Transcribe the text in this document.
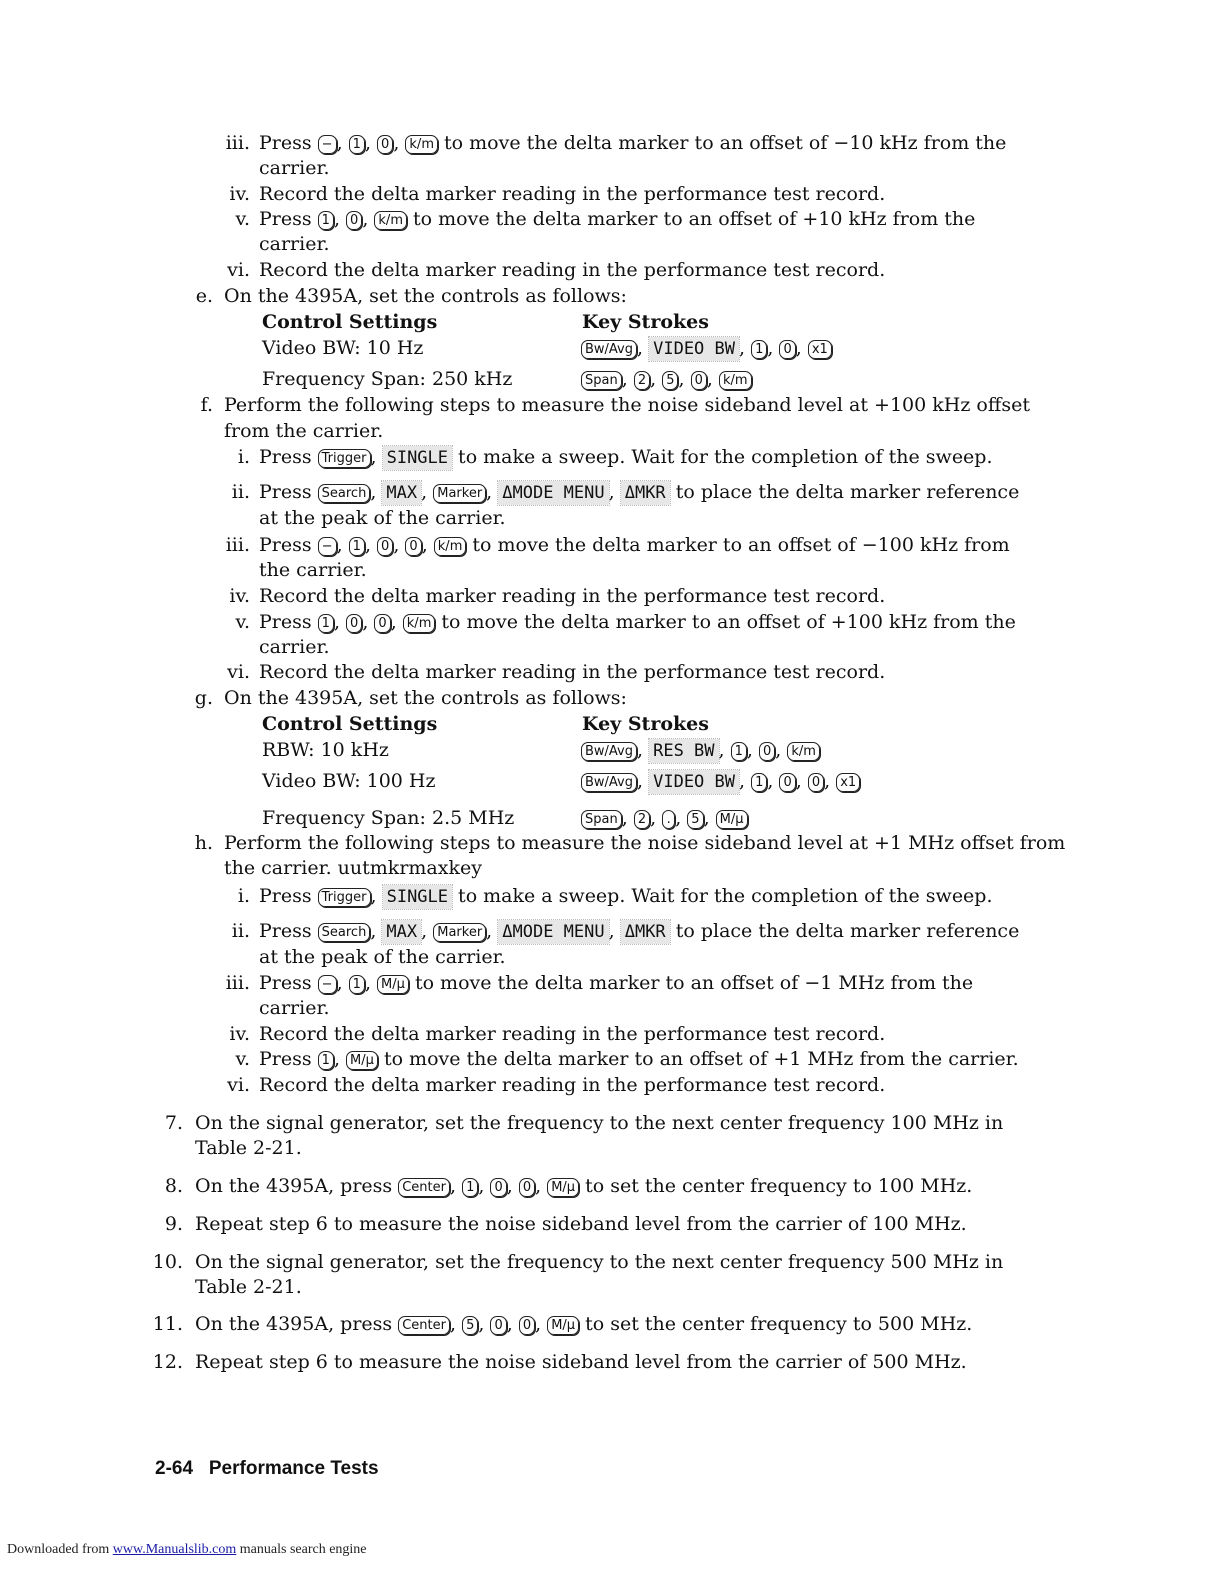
iii. Press − , 1 , 0 , k/m to move the delta marker to an offset of −10 kHz from the
carrier.
iv. Record the delta marker reading in the performance test record.
v. Press 1 , 0 , k/m to move the delta marker to an offset of +10 kHz from the
carrier.
vi. Record the delta marker reading in the performance test record.
e. On the 4395A, set the controls as follows:
Control Settings	Key Strokes
Video BW: 10 Hz	Bw/Avg , VIDEO BW , 1 , 0 , x1
Frequency Span: 250 kHz	Span , 2 , 5 , 0 , k/m
f. Perform the following steps to measure the noise sideband level at +100 kHz offset
from the carrier.
i. Press Trigger , SINGLE to make a sweep. Wait for the completion of the sweep.
ii. Press Search , MAX , Marker , ΔMODE MENU , ΔMKR to place the delta marker reference
at the peak of the carrier.
iii. Press − , 1 , 0 , 0 , k/m to move the delta marker to an offset of −100 kHz from
the carrier.
iv. Record the delta marker reading in the performance test record.
v. Press 1 , 0 , 0 , k/m to move the delta marker to an offset of +100 kHz from the
carrier.
vi. Record the delta marker reading in the performance test record.
g. On the 4395A, set the controls as follows:
Control Settings	Key Strokes
RBW: 10 kHz	Bw/Avg , RES BW , 1 , 0 , k/m
Video BW: 100 Hz	Bw/Avg , VIDEO BW , 1 , 0 , 0 , x1
Frequency Span: 2.5 MHz	Span , 2 , . , 5 , M/μ
h. Perform the following steps to measure the noise sideband level at +1 MHz offset from
the carrier. uutmkrmaxkey
i. Press Trigger , SINGLE to make a sweep. Wait for the completion of the sweep.
ii. Press Search , MAX , Marker , ΔMODE MENU , ΔMKR to place the delta marker reference
at the peak of the carrier.
iii. Press − , 1 , M/μ to move the delta marker to an offset of −1 MHz from the
carrier.
iv. Record the delta marker reading in the performance test record.
v. Press 1 , M/μ to move the delta marker to an offset of +1 MHz from the carrier.
vi. Record the delta marker reading in the performance test record.
7. On the signal generator, set the frequency to the next center frequency 100 MHz in
Table 2-21.
8. On the 4395A, press Center , 1 , 0 , 0 , M/μ to set the center frequency to 100 MHz.
9. Repeat step 6 to measure the noise sideband level from the carrier of 100 MHz.
10. On the signal generator, set the frequency to the next center frequency 500 MHz in
Table 2-21.
11. On the 4395A, press Center , 5 , 0 , 0 , M/μ to set the center frequency to 500 MHz.
12. Repeat step 6 to measure the noise sideband level from the carrier of 500 MHz.
2-64 Performance Tests
Downloaded from www.Manualslib.com manuals search engine
